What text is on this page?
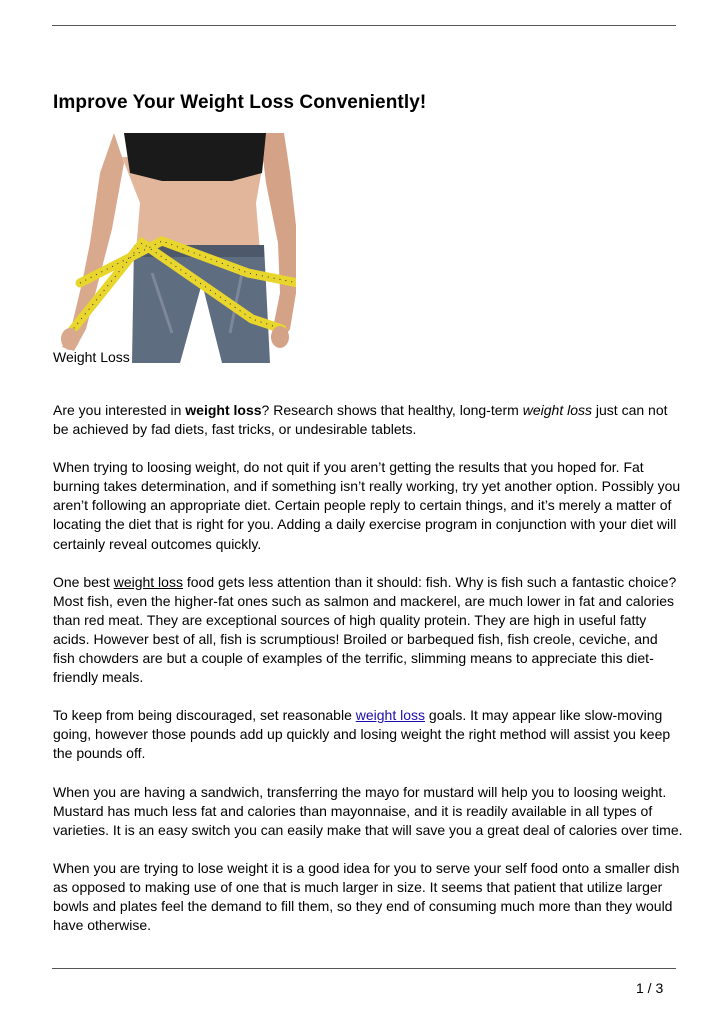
Improve Your Weight Loss Conveniently!
Weight Loss

Are you interested in weight loss? Research shows that healthy, long-term weight loss just can not be achieved by fad diets, fast tricks, or undesirable tablets.

When trying to loosing weight, do not quit if you aren’t getting the results that you hoped for. Fat burning takes determination, and if something isn’t really working, try yet another option. Possibly you aren’t following an appropriate diet. Certain people reply to certain things, and it’s merely a matter of locating the diet that is right for you. Adding a daily exercise program in conjunction with your diet will certainly reveal outcomes quickly.

One best weight loss food gets less attention than it should: fish. Why is fish such a fantastic choice? Most fish, even the higher-fat ones such as salmon and mackerel, are much lower in fat and calories than red meat. They are exceptional sources of high quality protein. They are high in useful fatty acids. However best of all, fish is scrumptious! Broiled or barbequed fish, fish creole, ceviche, and fish chowders are but a couple of examples of the terrific, slimming means to appreciate this diet-friendly meals.

To keep from being discouraged, set reasonable weight loss goals. It may appear like slow-moving going, however those pounds add up quickly and losing weight the right method will assist you keep the pounds off.

When you are having a sandwich, transferring the mayo for mustard will help you to loosing weight. Mustard has much less fat and calories than mayonnaise, and it is readily available in all types of varieties. It is an easy switch you can easily make that will save you a great deal of calories over time.

When you are trying to lose weight it is a good idea for you to serve your self food onto a smaller dish as opposed to making use of one that is much larger in size. It seems that patient that utilize larger bowls and plates feel the demand to fill them, so they end of consuming much more than they would have otherwise.

1 / 3
